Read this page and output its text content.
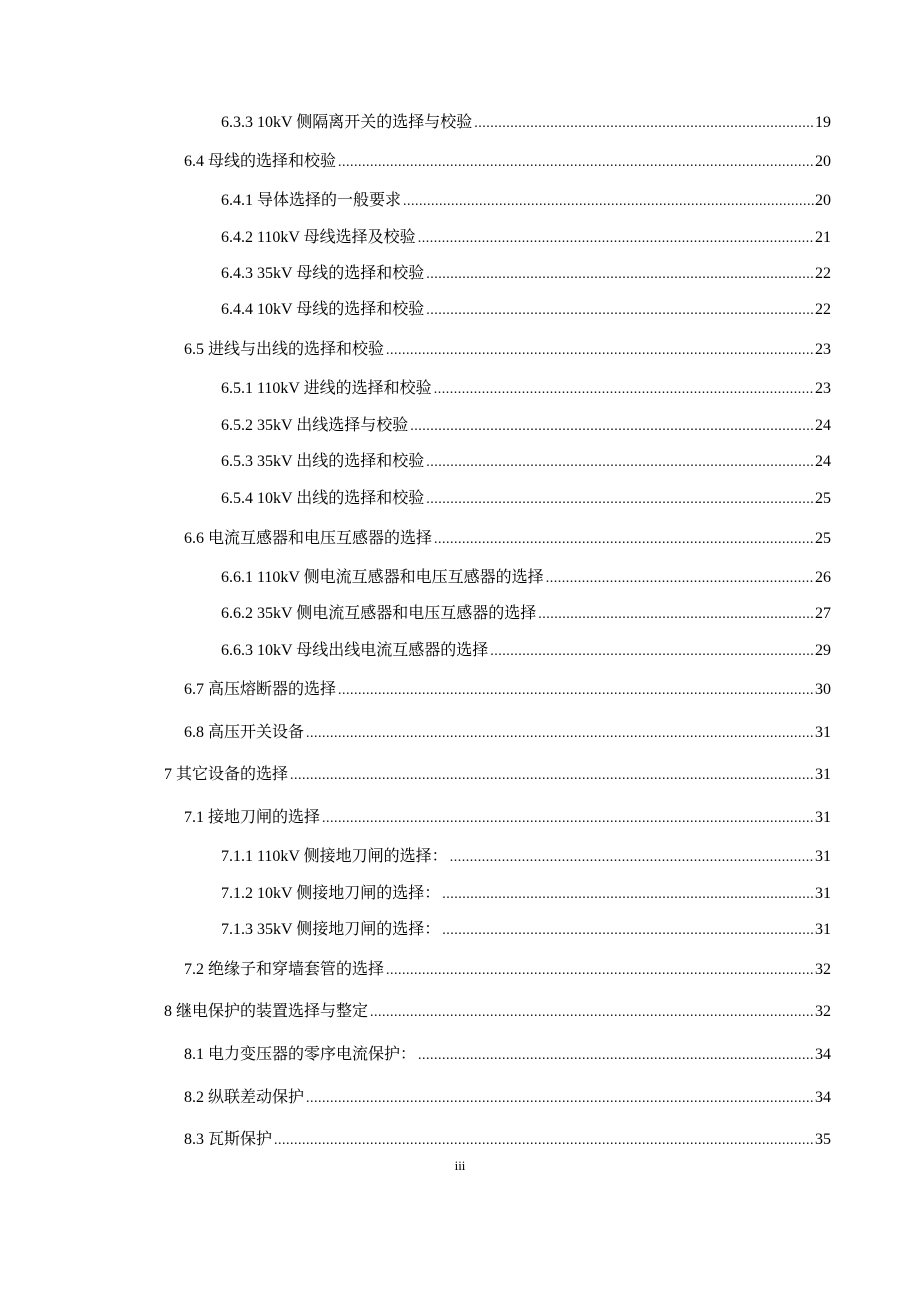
6.3.3 10kV 侧隔离开关的选择与校验 .....	19
6.4 母线的选择和校验 .....	20
6.4.1 导体选择的一般要求 .....	20
6.4.2 110kV 母线选择及校验 .....	21
6.4.3 35kV 母线的选择和校验 .....	22
6.4.4 10kV 母线的选择和校验 .....	22
6.5 进线与出线的选择和校验 .....	23
6.5.1 110kV 进线的选择和校验 .....	23
6.5.2 35kV 出线选择与校验 .....	24
6.5.3 35kV 出线的选择和校验 .....	24
6.5.4 10kV 出线的选择和校验 .....	25
6.6 电流互感器和电压互感器的选择 .....	25
6.6.1 110kV 侧电流互感器和电压互感器的选择 .....	26
6.6.2 35kV 侧电流互感器和电压互感器的选择 .....	27
6.6.3 10kV 母线出线电流互感器的选择 .....	29
6.7 高压熔断器的选择 .....	30
6.8 高压开关设备 .....	31
7 其它设备的选择 .....	31
7.1 接地刀闸的选择 .....	31
7.1.1 110kV 侧接地刀闸的选择： .....	31
7.1.2 10kV 侧接地刀闸的选择： .....	31
7.1.3 35kV 侧接地刀闸的选择： .....	31
7.2 绝缘子和穿墙套管的选择 .....	32
8 继电保护的装置选择与整定 .....	32
8.1 电力变压器的零序电流保护： .....	34
8.2 纵联差动保护 .....	34
8.3 瓦斯保护 .....	35
iii
